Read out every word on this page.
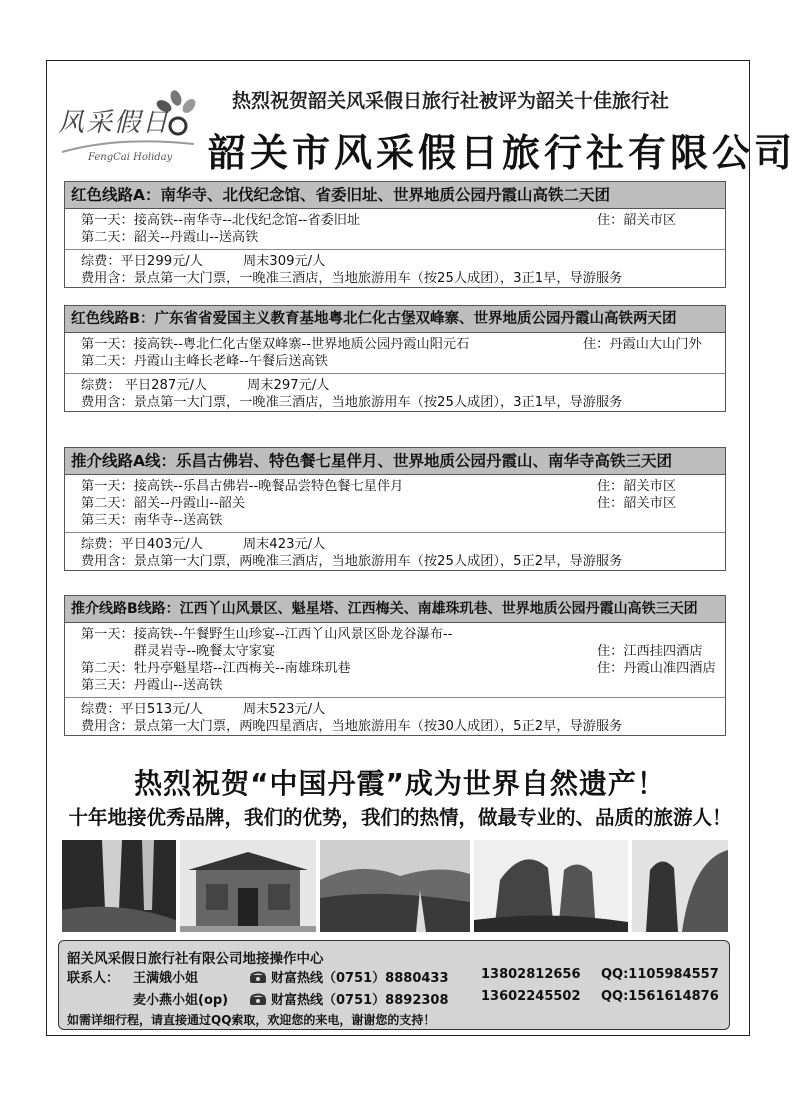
风采假日
FengCai Holiday
热烈祝贺韶关风采假日旅行社被评为韶关十佳旅行社
韶关市风采假日旅行社有限公司
红色线路A：南华寺、北伐纪念馆、省委旧址、世界地质公园丹霞山高铁二天团
第一天：接高铁--南华寺--北伐纪念馆--省委旧址	住：韶关市区
第二天：韶关--丹霞山--送高铁
综费：平日299元/人	周末309元/人
费用含：景点第一大门票，一晚准三酒店，当地旅游用车（按25人成团），3正1早，导游服务
红色线路B：广东省省爱国主义教育基地粤北仁化古堡双峰寨、世界地质公园丹霞山高铁两天团
第一天：接高铁--粤北仁化古堡双峰寨--世界地质公园丹霞山阳元石	住：丹霞山大山门外
第二天：丹霞山主峰长老峰--午餐后送高铁
综费： 平日287元/人	周末297元/人
费用含：景点第一大门票，一晚准三酒店，当地旅游用车（按25人成团），3正1早，导游服务
推介线路A线：乐昌古佛岩、特色餐七星伴月、世界地质公园丹霞山、南华寺高铁三天团
第一天：接高铁--乐昌古佛岩--晚餐品尝特色餐七星伴月	住：韶关市区
第二天：韶关--丹霞山--韶关	住：韶关市区
第三天：南华寺--送高铁
综费：平日403元/人	周末423元/人
费用含：景点第一大门票，两晚准三酒店，当地旅游用车（按25人成团），5正2早，导游服务
推介线路B线路：江西丫山风景区、魁星塔、江西梅关、南雄珠玑巷、世界地质公园丹霞山高铁三天团
第一天：接高铁--午餐野生山珍宴--江西丫山风景区卧龙谷瀑布--
　　　　群灵岩寺--晚餐太守家宴	住：江西挂四酒店
第二天：牡丹亭魁星塔--江西梅关--南雄珠玑巷	住：丹霞山准四酒店
第三天：丹霞山--送高铁
综费：平日513元/人	周末523元/人
费用含：景点第一大门票，两晚四星酒店，当地旅游用车（按30人成团），5正2早，导游服务
热烈祝贺“中国丹霞”成为世界自然遗产！
十年地接优秀品牌，我们的优势，我们的热情，做最专业的、品质的旅游人！
韶关风采假日旅行社有限公司地接操作中心
联系人： 王满娥小姐	财富热线（0751）8880433	13802812656 QQ:1105984557
麦小燕小姐(op)	财富热线（0751）8892308	13602245502 QQ:1561614876
如需详细行程，请直接通过QQ索取，欢迎您的来电，谢谢您的支持！
